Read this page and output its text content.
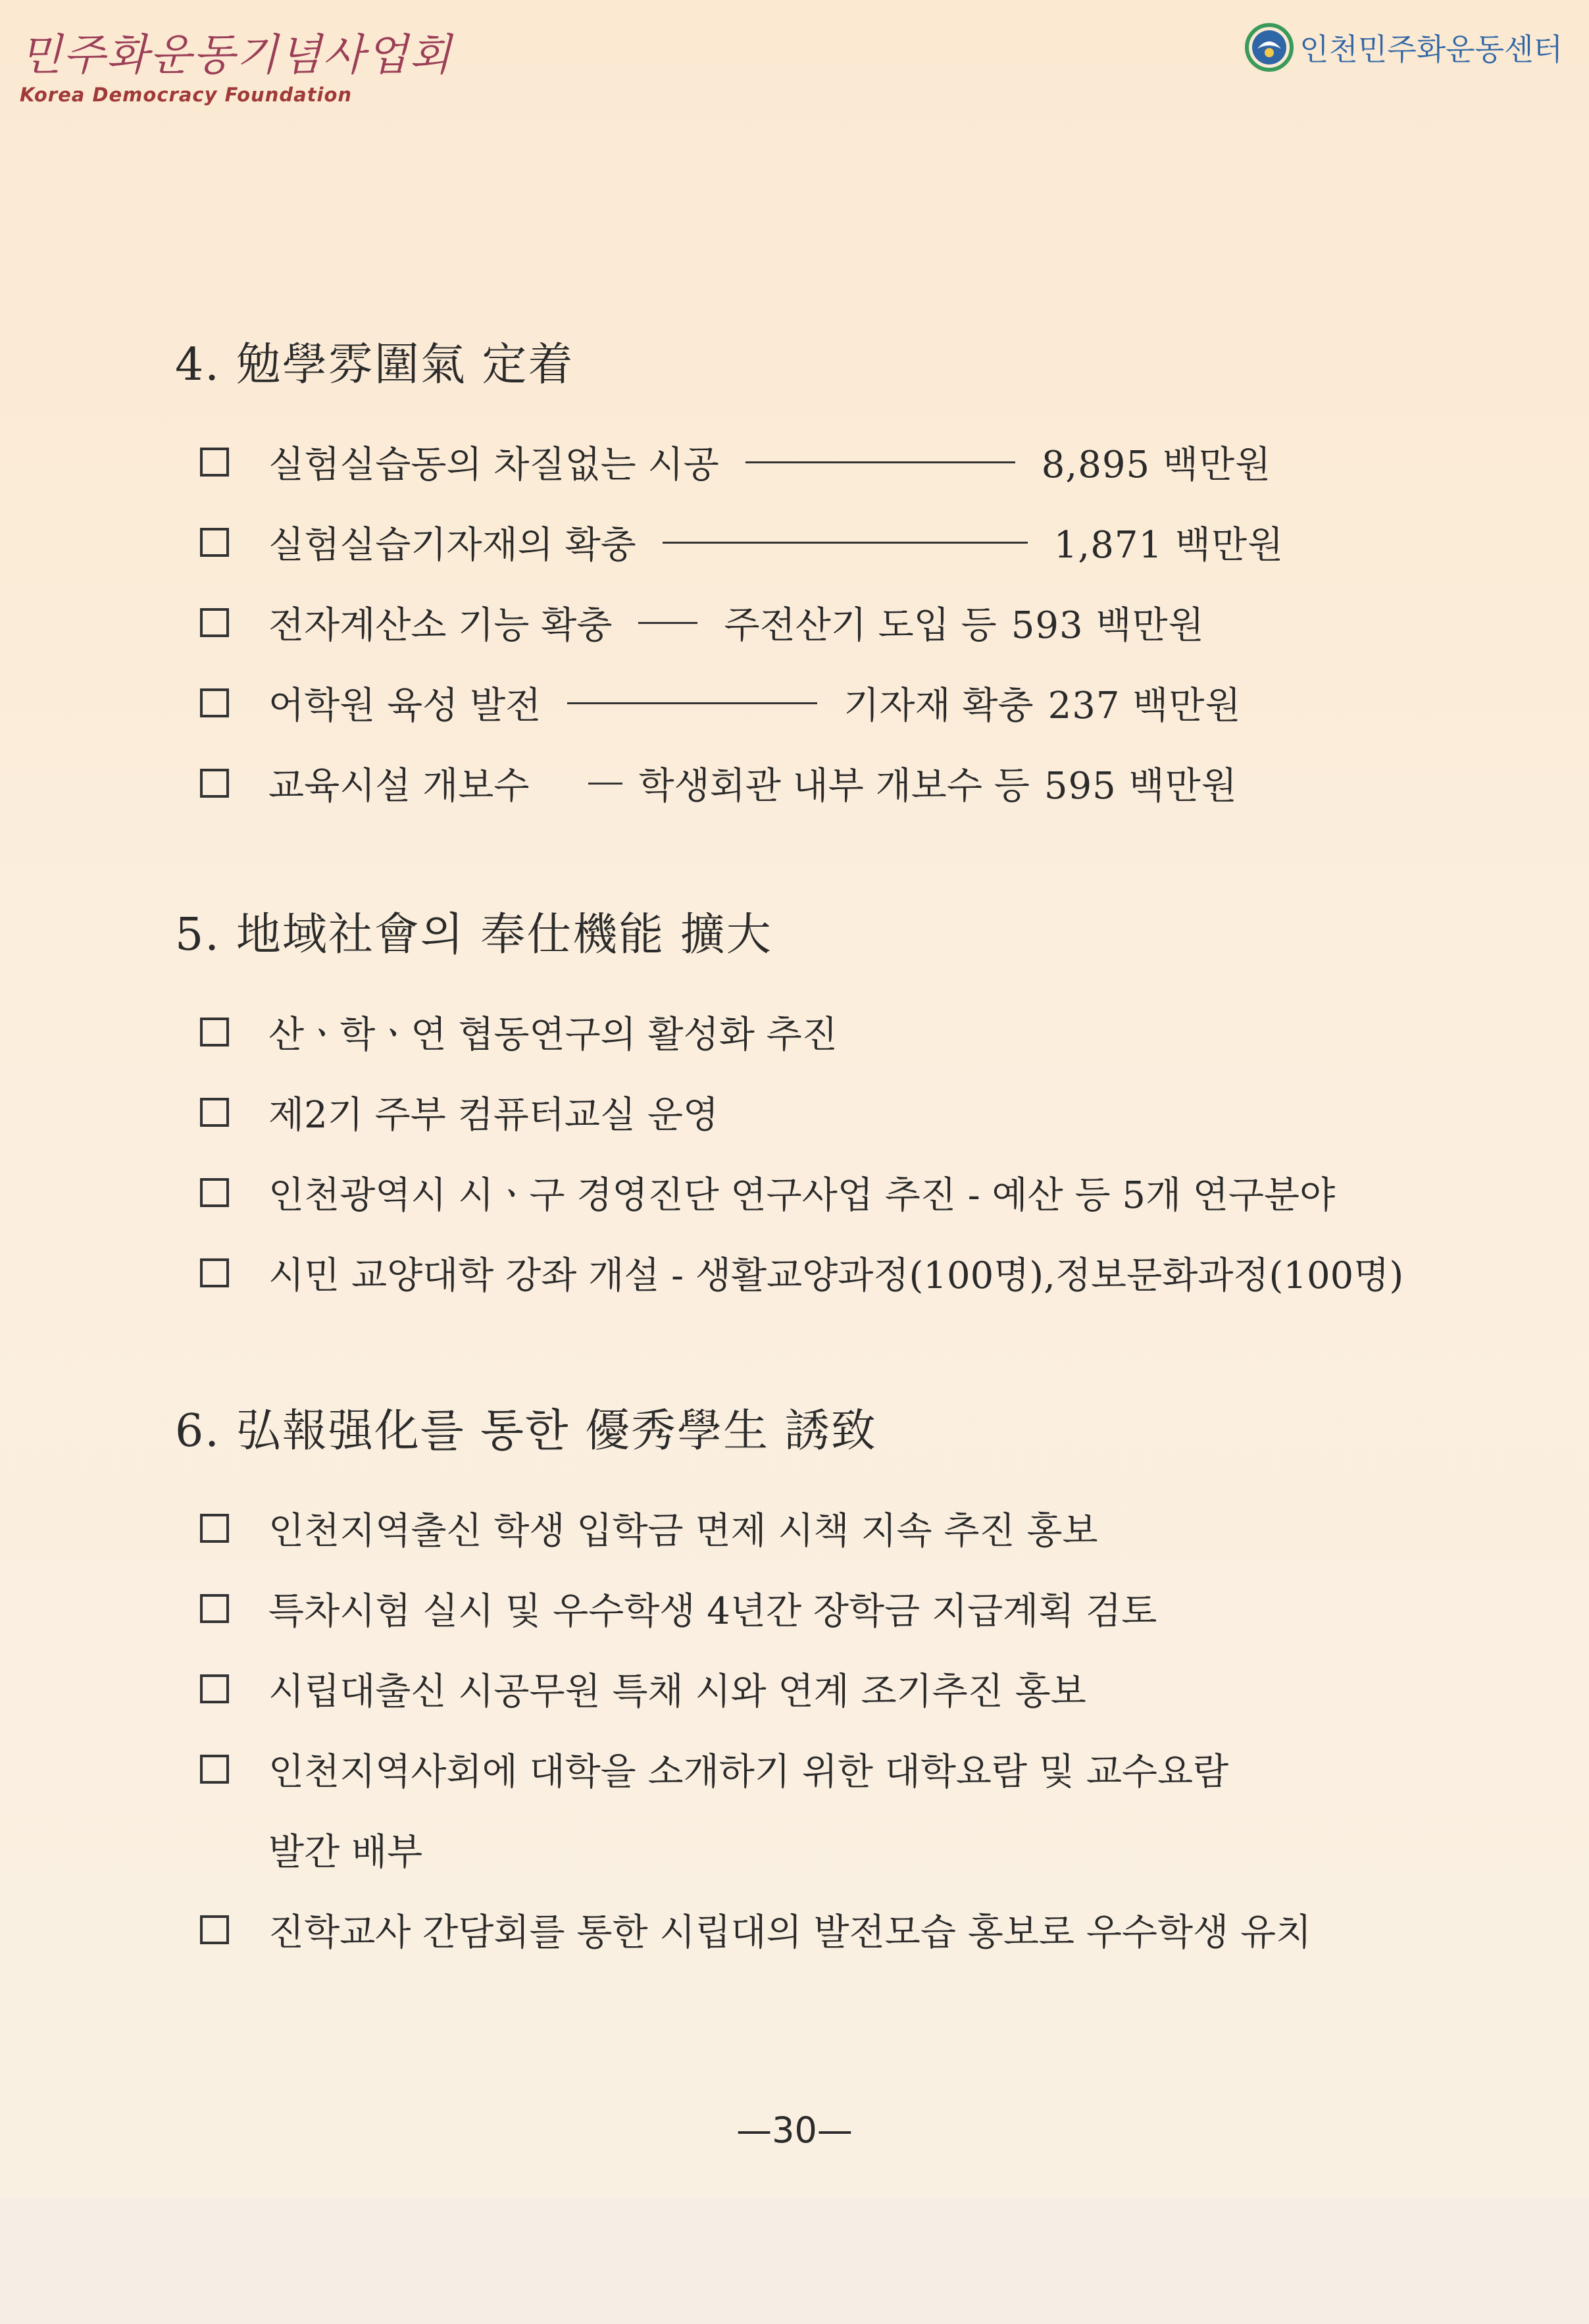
민주화운동기념사업회
Korea Democracy Foundation
인천민주화운동센터
4. 勉學雰圍氣 定着
실험실습동의 차질없는 시공	8,895 백만원
실험실습기자재의 확충	1,871 백만원
전자계산소 기능 확충	주전산기 도입 등 593 백만원
어학원 육성 발전	기자재 확충 237 백만원
교육시설 개보수	학생회관 내부 개보수 등 595 백만원
5. 地域社會의 奉仕機能 擴大
산ㆍ학ㆍ연 협동연구의 활성화 추진
제2기 주부 컴퓨터교실 운영
인천광역시 시ㆍ구 경영진단 연구사업 추진 - 예산 등 5개 연구분야
시민 교양대학 강좌 개설 - 생활교양과정(100명),정보문화과정(100명)
6. 弘報强化를 통한 優秀學生 誘致
인천지역출신 학생 입학금 면제 시책 지속 추진 홍보
특차시험 실시 및 우수학생 4년간 장학금 지급계획 검토
시립대출신 시공무원 특채 시와 연계 조기추진 홍보
인천지역사회에 대학을 소개하기 위한 대학요람 및 교수요람
발간 배부
진학교사 간담회를 통한 시립대의 발전모습 홍보로 우수학생 유치
—30—
